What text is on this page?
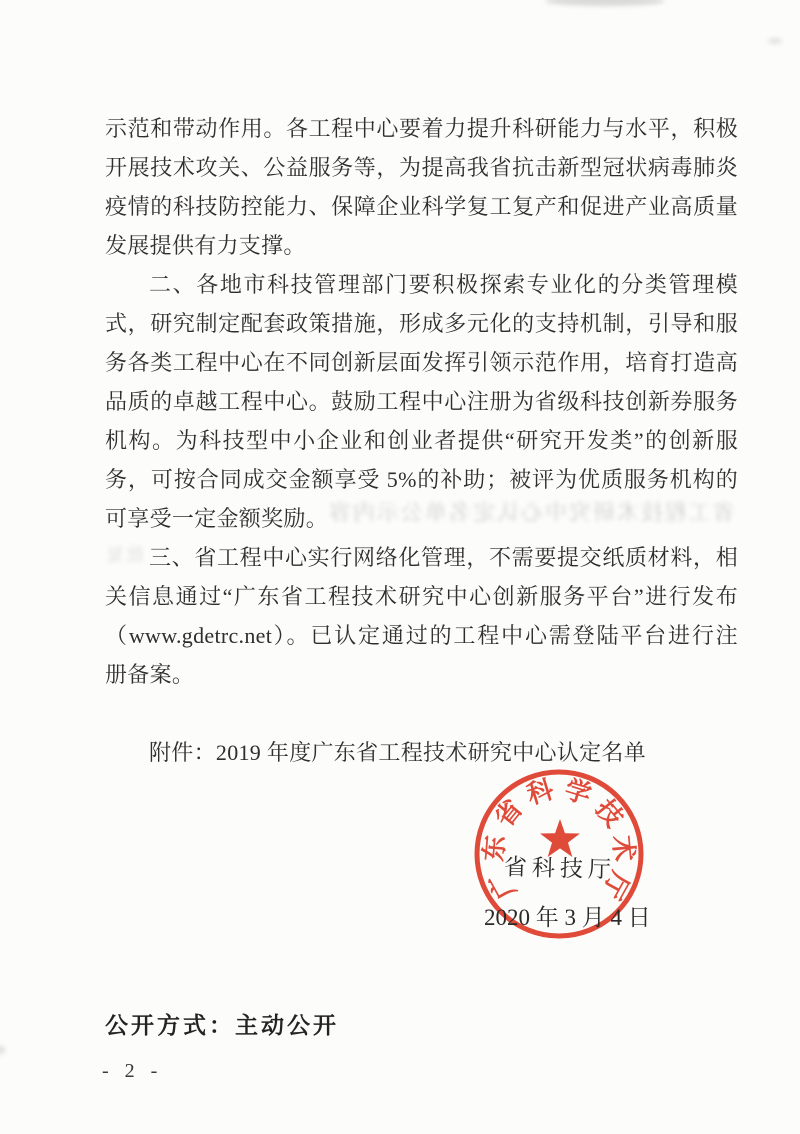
省工程技术研究中心认定名单公示内容
批复
示范和带动作用。各工程中心要着力提升科研能力与水平，积极
开展技术攻关、公益服务等，为提高我省抗击新型冠状病毒肺炎
疫情的科技防控能力、保障企业科学复工复产和促进产业高质量
发展提供有力支撑。
二、各地市科技管理部门要积极探索专业化的分类管理模
式，研究制定配套政策措施，形成多元化的支持机制，引导和服
务各类工程中心在不同创新层面发挥引领示范作用，培育打造高
品质的卓越工程中心。鼓励工程中心注册为省级科技创新券服务
机构。为科技型中小企业和创业者提供“研究开发类”的创新服
务，可按合同成交金额享受 5%的补助；被评为优质服务机构的
可享受一定金额奖励。
三、省工程中心实行网络化管理，不需要提交纸质材料，相
关信息通过“广东省工程技术研究中心创新服务平台”进行发布
（www.gdetrc.net）。已认定通过的工程中心需登陆平台进行注
册备案。
附件：2019 年度广东省工程技术研究中心认定名单
广
东
省
科 学
技
术
厅
省科技厅
2020 年 3 月 4 日
公开方式：主动公开
- 2 -
